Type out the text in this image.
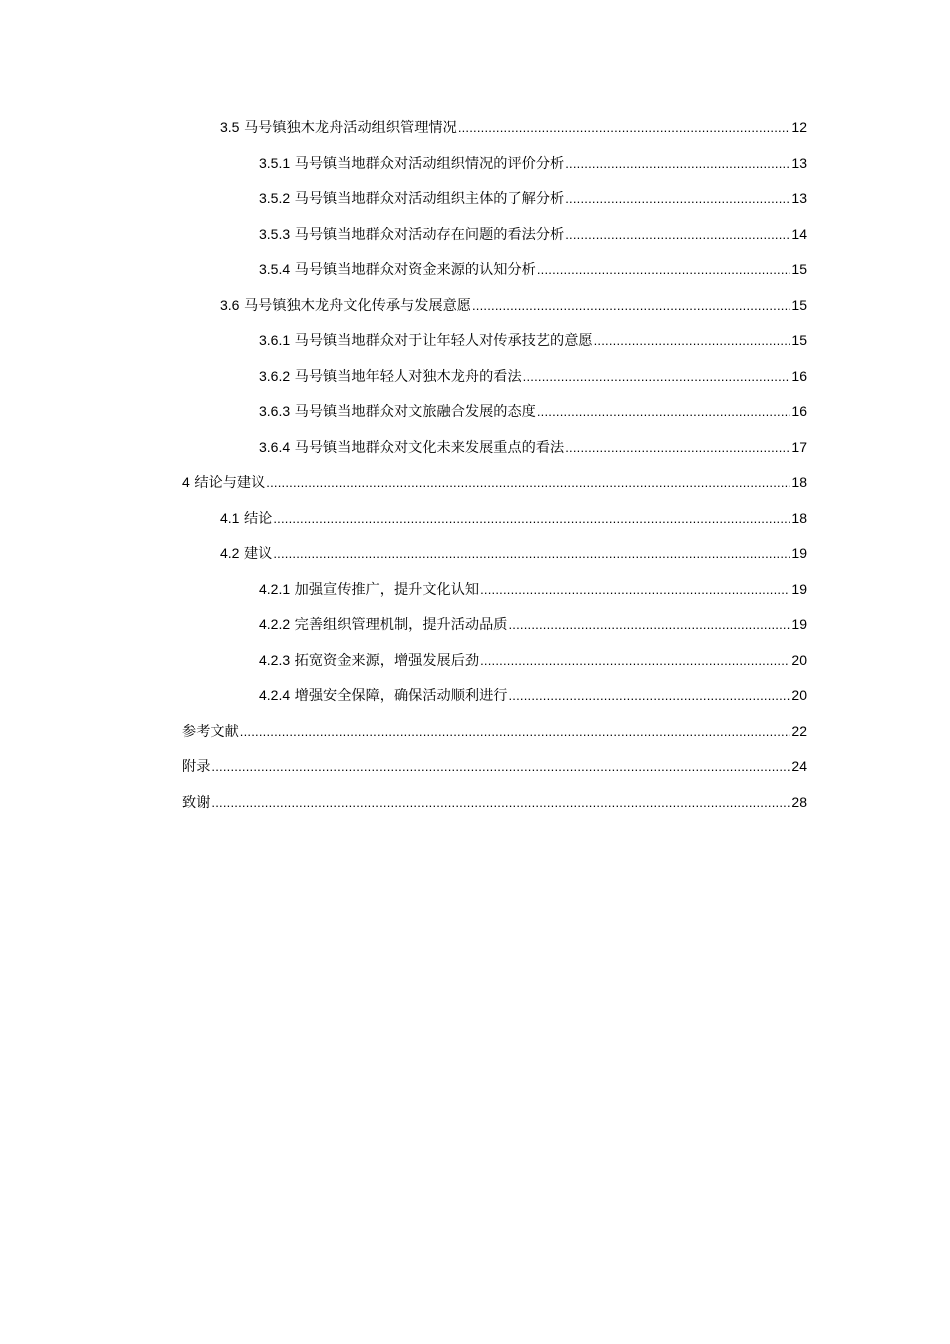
3.5 马号镇独木龙舟活动组织管理情况 .....	12
3.5.1 马号镇当地群众对活动组织情况的评价分析 .....	13
3.5.2 马号镇当地群众对活动组织主体的了解分析 .....	13
3.5.3 马号镇当地群众对活动存在问题的看法分析 .....	14
3.5.4 马号镇当地群众对资金来源的认知分析 .....	15
3.6 马号镇独木龙舟文化传承与发展意愿 .....	15
3.6.1 马号镇当地群众对于让年轻人对传承技艺的意愿 .....	15
3.6.2 马号镇当地年轻人对独木龙舟的看法 .....	16
3.6.3 马号镇当地群众对文旅融合发展的态度 .....	16
3.6.4 马号镇当地群众对文化未来发展重点的看法 .....	17
4 结论与建议 .....	18
4.1 结论 .....	18
4.2 建议 .....	19
4.2.1 加强宣传推广，提升文化认知 .....	19
4.2.2 完善组织管理机制，提升活动品质 .....	19
4.2.3 拓宽资金来源，增强发展后劲 .....	20
4.2.4 增强安全保障，确保活动顺利进行 .....	20
参考文献 .....	22
附录 .....	24
致谢 .....	28
